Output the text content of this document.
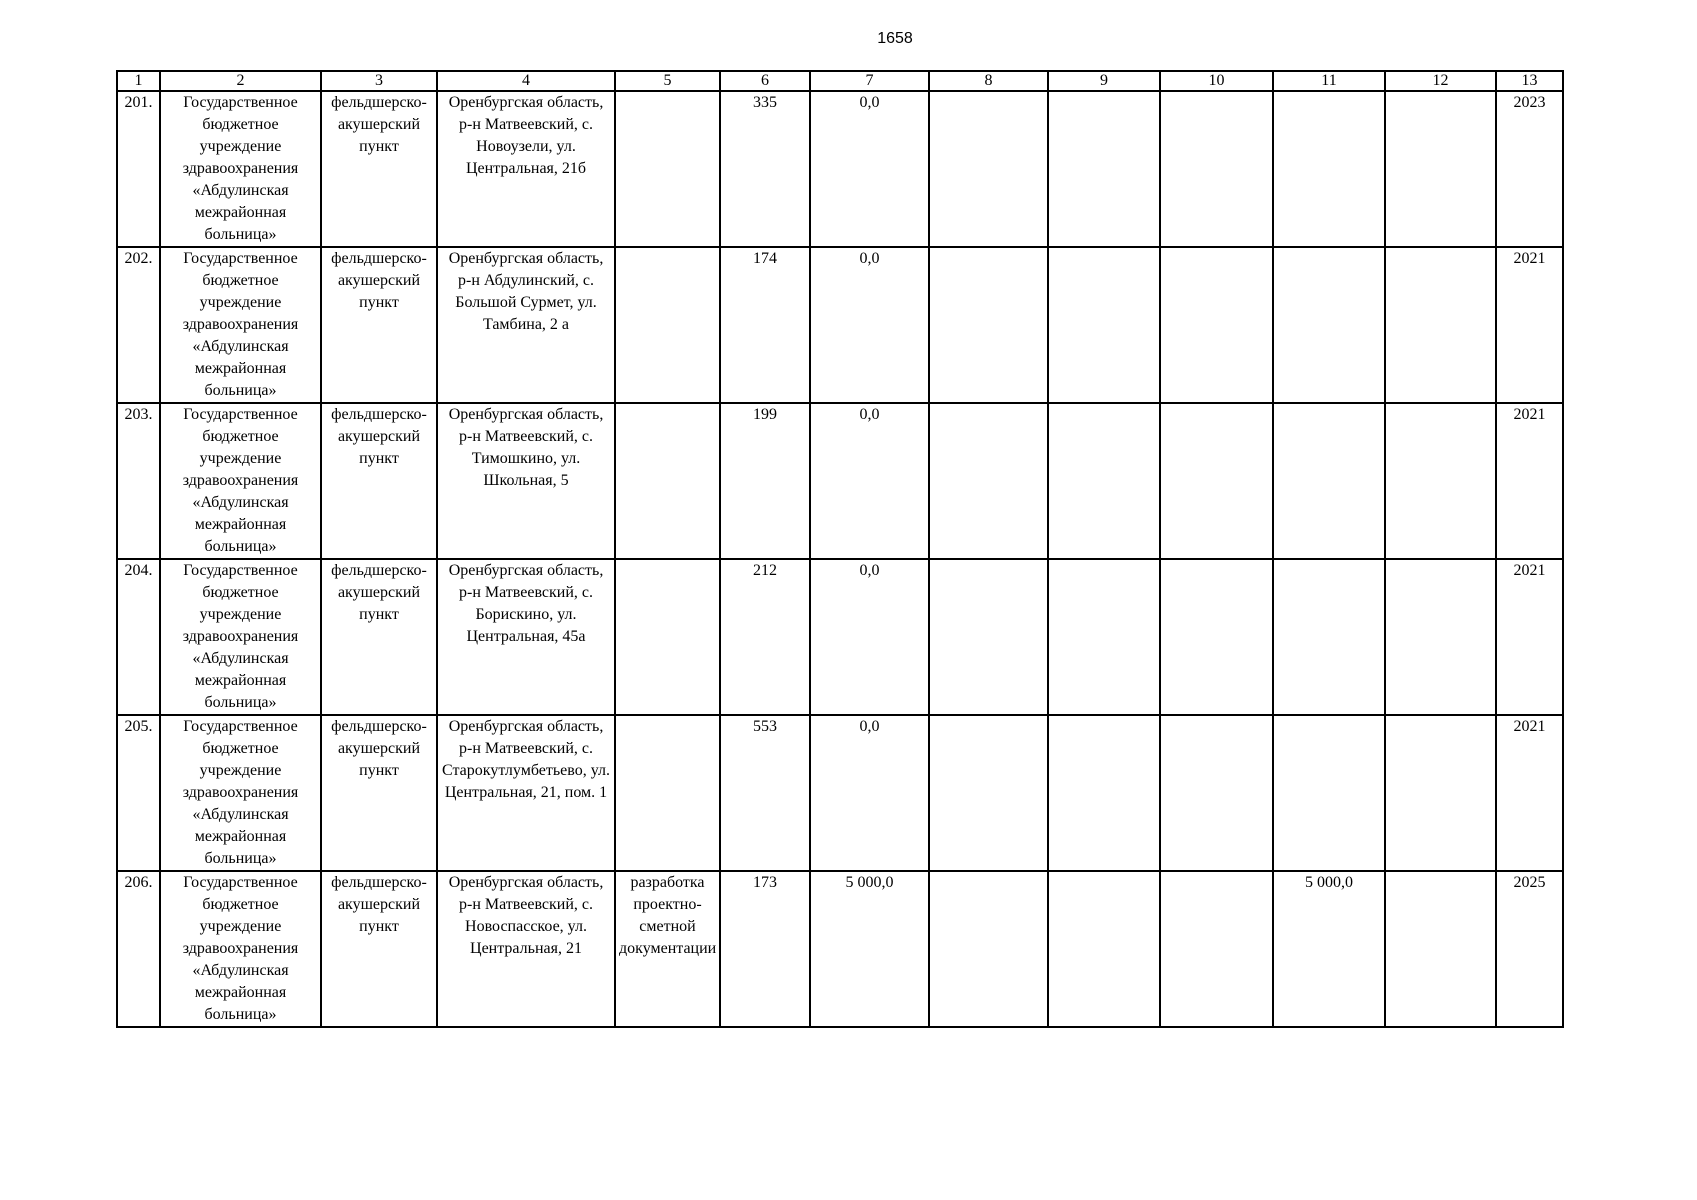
1658
1	2	3	4	5	6	7	8	9	10	11	12	13
201.	Государственное бюджетное учреждение здравоохранения «Абдулинская межрайонная больница»	фельдшерско-акушерский пункт	Оренбургская область, р-н Матвеевский, с. Новоузели, ул. Центральная, 21б		335	0,0						2023
202.	Государственное бюджетное учреждение здравоохранения «Абдулинская межрайонная больница»	фельдшерско-акушерский пункт	Оренбургская область, р-н Абдулинский, с. Большой Сурмет, ул. Тамбина, 2 а		174	0,0						2021
203.	Государственное бюджетное учреждение здравоохранения «Абдулинская межрайонная больница»	фельдшерско-акушерский пункт	Оренбургская область, р-н Матвеевский, с. Тимошкино, ул. Школьная, 5		199	0,0						2021
204.	Государственное бюджетное учреждение здравоохранения «Абдулинская межрайонная больница»	фельдшерско-акушерский пункт	Оренбургская область, р-н Матвеевский, с. Борискино, ул. Центральная, 45а		212	0,0						2021
205.	Государственное бюджетное учреждение здравоохранения «Абдулинская межрайонная больница»	фельдшерско-акушерский пункт	Оренбургская область, р-н Матвеевский, с. Старокутлумбетьево, ул. Центральная, 21, пом. 1		553	0,0						2021
206.	Государственное бюджетное учреждение здравоохранения «Абдулинская межрайонная больница»	фельдшерско-акушерский пункт	Оренбургская область, р-н Матвеевский, с. Новоспасское, ул. Центральная, 21	разработка проектно-сметной документации	173	5 000,0				5 000,0		2025
